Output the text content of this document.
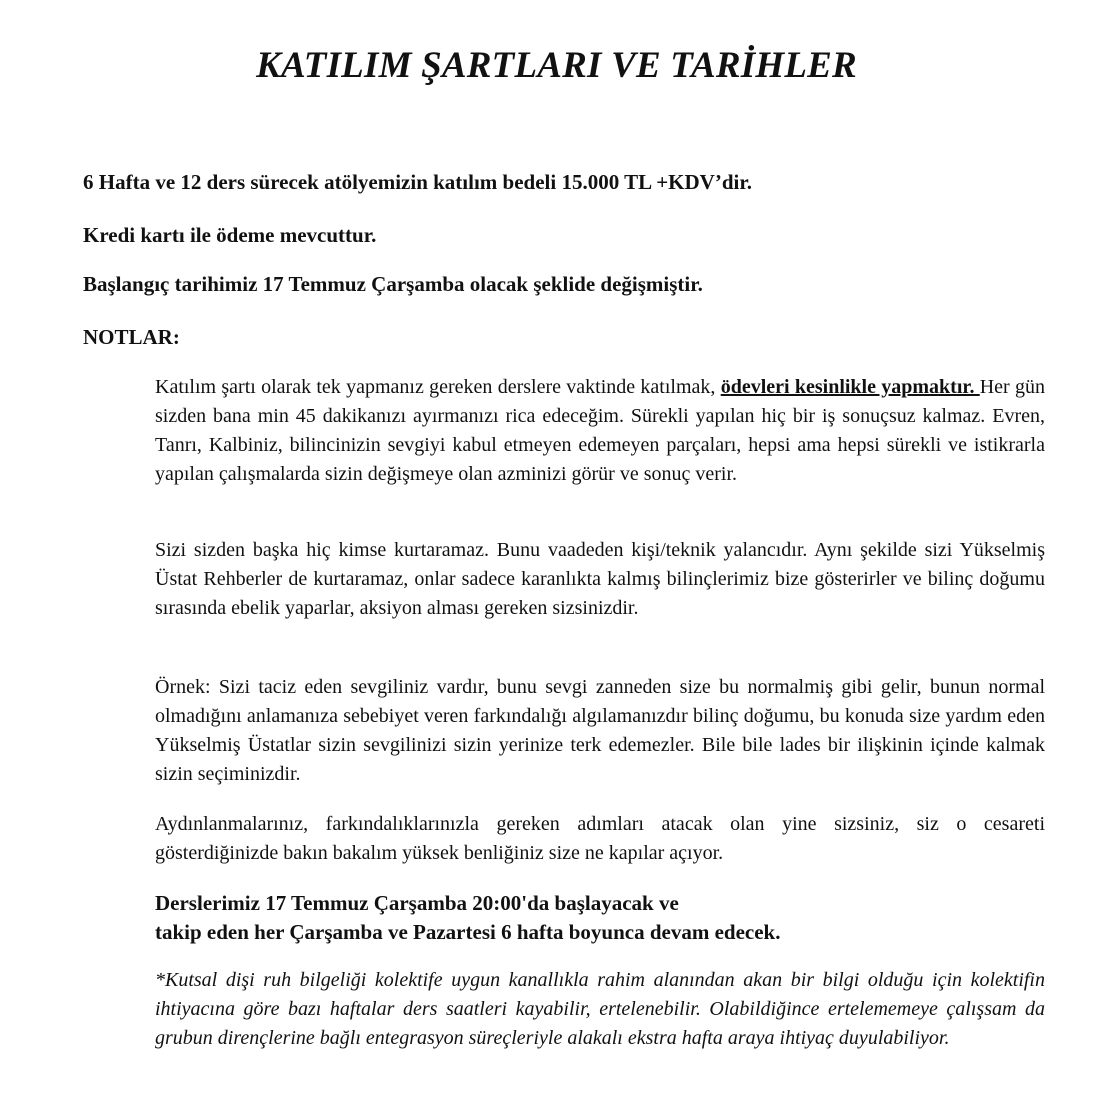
KATILIM ŞARTLARI VE TARİHLER

6 Hafta ve 12 ders sürecek atölyemizin katılım bedeli 15.000 TL +KDV’dir.

Kredi kartı ile ödeme mevcuttur.

Başlangıç tarihimiz 17 Temmuz Çarşamba olacak şeklide değişmiştir.

NOTLAR:

Katılım şartı olarak tek yapmanız gereken derslere vaktinde katılmak, ödevleri kesinlikle yapmaktır. Her gün sizden bana min 45 dakikanızı ayırmanızı rica edeceğim. Sürekli yapılan hiç bir iş sonuçsuz kalmaz. Evren, Tanrı, Kalbiniz, bilincinizin sevgiyi kabul etmeyen edemeyen parçaları, hepsi ama hepsi sürekli ve istikrarla yapılan çalışmalarda sizin değişmeye olan azminizi görür ve sonuç verir.

Sizi sizden başka hiç kimse kurtaramaz. Bunu vaadeden kişi/teknik yalancıdır. Aynı şekilde sizi Yükselmiş Üstat Rehberler de kurtaramaz, onlar sadece karanlıkta kalmış bilinçlerimiz bize gösterirler ve bilinç doğumu sırasında ebelik yaparlar, aksiyon alması gereken sizsinizdir.

Örnek: Sizi taciz eden sevgiliniz vardır, bunu sevgi zanneden size bu normalmiş gibi gelir, bunun normal olmadığını anlamanıza sebebiyet veren farkındalığı algılamanızdır bilinç doğumu, bu konuda size yardım eden Yükselmiş Üstatlar sizin sevgilinizi sizin yerinize terk edemezler. Bile bile lades bir ilişkinin içinde kalmak sizin seçiminizdir.

Aydınlanmalarınız, farkındalıklarınızla gereken adımları atacak olan yine sizsiniz, siz o cesareti gösterdiğinizde bakın bakalım yüksek benliğiniz size ne kapılar açıyor.

Derslerimiz 17 Temmuz Çarşamba 20:00'da başlayacak ve
takip eden her Çarşamba ve Pazartesi 6 hafta boyunca devam edecek.

*Kutsal dişi ruh bilgeliği kolektife uygun kanallıkla rahim alanından akan bir bilgi olduğu için kolektifin ihtiyacına göre bazı haftalar ders saatleri kayabilir, ertelenebilir. Olabildiğince ertelememeye çalışsam da grubun dirençlerine bağlı entegrasyon süreçleriyle alakalı ekstra hafta araya ihtiyaç duyulabiliyor.
